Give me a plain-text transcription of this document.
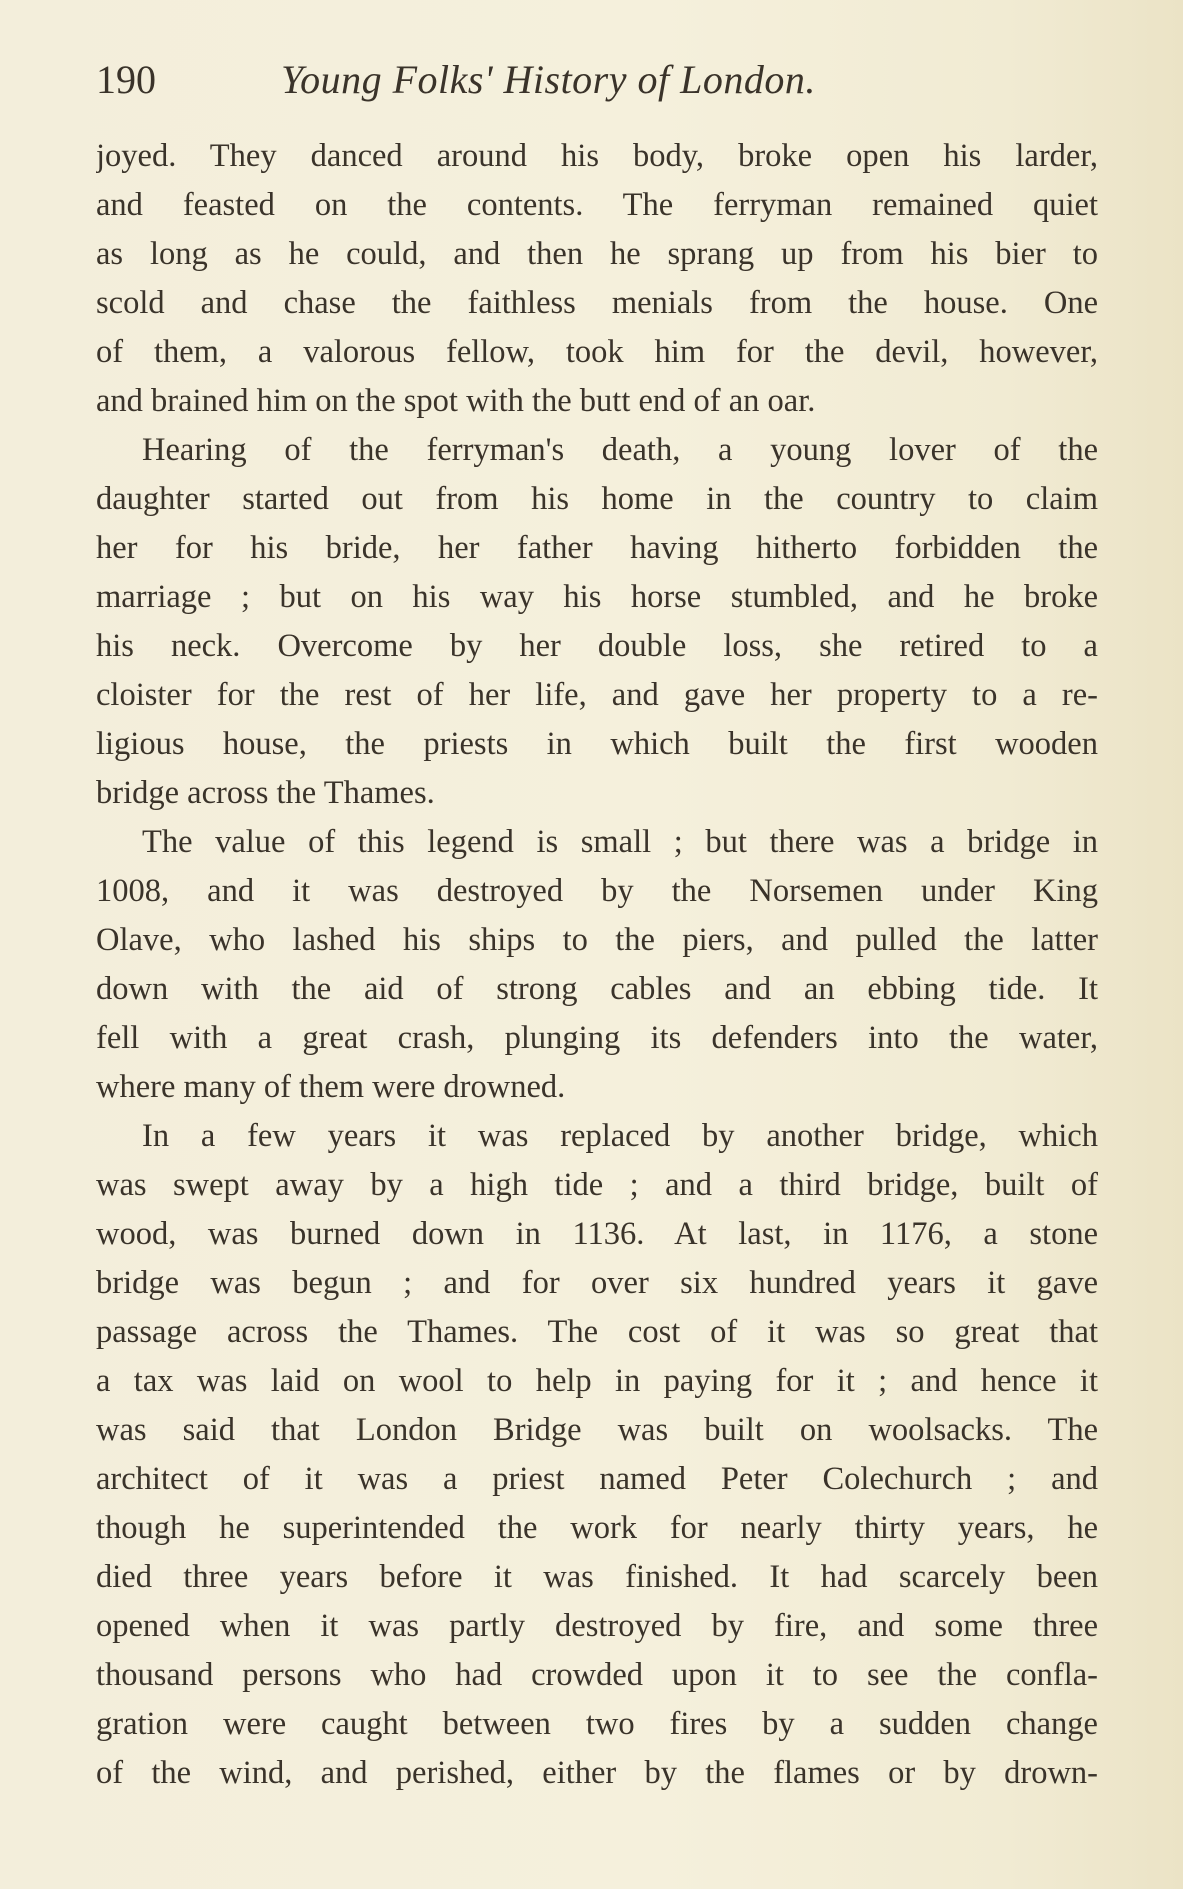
190	Young Folks' History of London.
joyed. They danced around his body, broke open his larder,
and feasted on the contents. The ferryman remained quiet
as long as he could, and then he sprang up from his bier to
scold and chase the faithless menials from the house. One
of them, a valorous fellow, took him for the devil, however,
and brained him on the spot with the butt end of an oar.
Hearing of the ferryman's death, a young lover of the
daughter started out from his home in the country to claim
her for his bride, her father having hitherto forbidden the
marriage ; but on his way his horse stumbled, and he broke
his neck. Overcome by her double loss, she retired to a
cloister for the rest of her life, and gave her property to a re-
ligious house, the priests in which built the first wooden
bridge across the Thames.
The value of this legend is small ; but there was a bridge in
1008, and it was destroyed by the Norsemen under King
Olave, who lashed his ships to the piers, and pulled the latter
down with the aid of strong cables and an ebbing tide. It
fell with a great crash, plunging its defenders into the water,
where many of them were drowned.
In a few years it was replaced by another bridge, which
was swept away by a high tide ; and a third bridge, built of
wood, was burned down in 1136. At last, in 1176, a stone
bridge was begun ; and for over six hundred years it gave
passage across the Thames. The cost of it was so great that
a tax was laid on wool to help in paying for it ; and hence it
was said that London Bridge was built on woolsacks. The
architect of it was a priest named Peter Colechurch ; and
though he superintended the work for nearly thirty years, he
died three years before it was finished. It had scarcely been
opened when it was partly destroyed by fire, and some three
thousand persons who had crowded upon it to see the confla-
gration were caught between two fires by a sudden change
of the wind, and perished, either by the flames or by drown-
